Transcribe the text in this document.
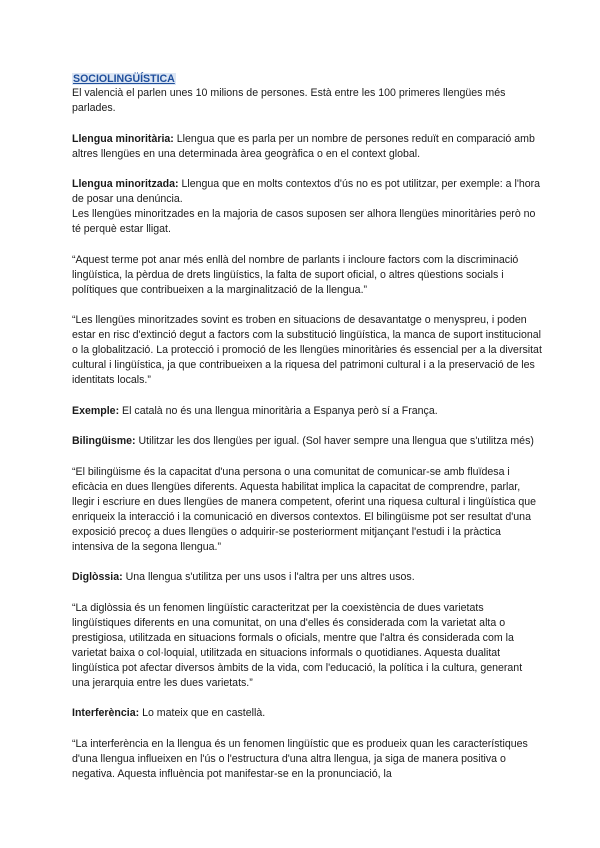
SOCIOLINGÜÍSTICA

El valencià el parlen unes 10 milions de persones. Està entre les 100 primeres llengües més parlades.

Llengua minoritària: Llengua que es parla per un nombre de persones reduït en comparació amb altres llengües en una determinada àrea geogràfica o en el context global.

Llengua minoritzada: Llengua que en molts contextos d'ús no es pot utilitzar, per exemple: a l'hora de posar una denúncia.

Les llengües minoritzades en la majoria de casos suposen ser alhora llengües minoritàries però no té perquè estar lligat.

“Aquest terme pot anar més enllà del nombre de parlants i incloure factors com la discriminació lingüística, la pèrdua de drets lingüístics, la falta de suport oficial, o altres qüestions socials i polítiques que contribueixen a la marginalització de la llengua.”

“Les llengües minoritzades sovint es troben en situacions de desavantatge o menyspreu, i poden estar en risc d'extinció degut a factors com la substitució lingüística, la manca de suport institucional o la globalització. La protecció i promoció de les llengües minoritàries és essencial per a la diversitat cultural i lingüística, ja que contribueixen a la riquesa del patrimoni cultural i a la preservació de les identitats locals.”

Exemple: El català no és una llengua minoritària a Espanya però sí a França.

Bilingüisme: Utilitzar les dos llengües per igual. (Sol haver sempre una llengua que s'utilitza més)

“El bilingüisme és la capacitat d'una persona o una comunitat de comunicar-se amb fluïdesa i eficàcia en dues llengües diferents. Aquesta habilitat implica la capacitat de comprendre, parlar, llegir i escriure en dues llengües de manera competent, oferint una riquesa cultural i lingüística que enriqueix la interacció i la comunicació en diversos contextos. El bilingüisme pot ser resultat d'una exposició precoç a dues llengües o adquirir-se posteriorment mitjançant l'estudi i la pràctica intensiva de la segona llengua.”

Diglòssia: Una llengua s'utilitza per uns usos i l'altra per uns altres usos.

“La diglòssia és un fenomen lingüístic caracteritzat per la coexistència de dues varietats lingüístiques diferents en una comunitat, on una d'elles és considerada com la varietat alta o prestigiosa, utilitzada en situacions formals o oficials, mentre que l'altra és considerada com la varietat baixa o col·loquial, utilitzada en situacions informals o quotidianes. Aquesta dualitat lingüística pot afectar diversos àmbits de la vida, com l'educació, la política i la cultura, generant una jerarquia entre les dues varietats.”

Interferència: Lo mateix que en castellà.

“La interferència en la llengua és un fenomen lingüístic que es produeix quan les característiques d'una llengua influeixen en l'ús o l'estructura d'una altra llengua, ja siga de manera positiva o negativa. Aquesta influència pot manifestar-se en la pronunciació, la
